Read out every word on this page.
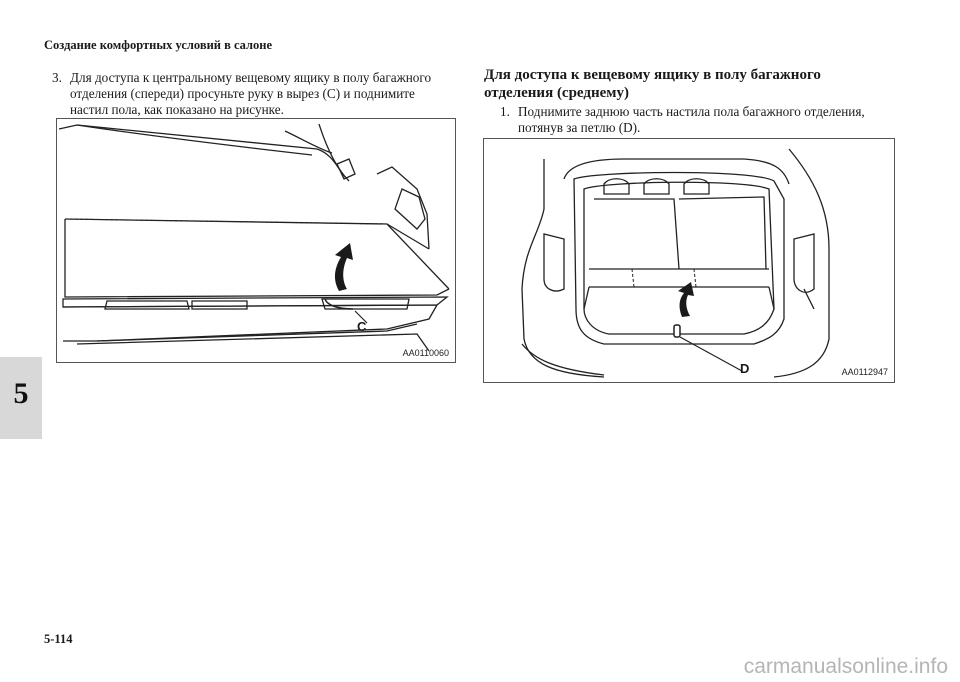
Создание комфортных условий в салоне
3. Для доступа к центральному вещевому ящику в полу багажного
отделения (спереди) просуньте руку в вырез (C) и поднимите
настил пола, как показано на рисунке.
C
AA0110060
Для доступа к вещевому ящику в полу багажного
отделения (среднему)
1. Поднимите заднюю часть настила пола багажного отделения,
потянув за петлю (D).
D	AA0112947
5
5-114
carmanualsonline.info
